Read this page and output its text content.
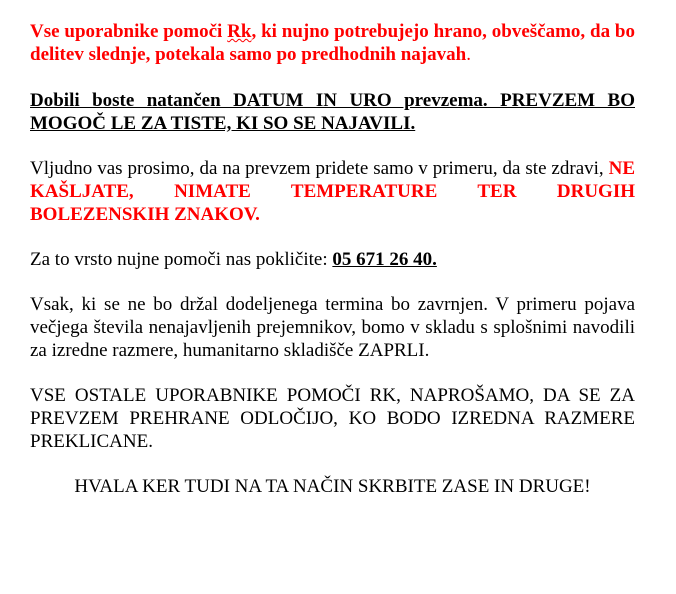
Vse uporabnike pomoči Rk, ki nujno potrebujejo hrano, obveščamo, da bo delitev slednje, potekala samo po predhodnih najavah.

Dobili boste natančen DATUM IN URO prevzema. PREVZEM BO MOGOČ LE ZA TISTE, KI SO SE NAJAVILI.

Vljudno vas prosimo, da na prevzem pridete samo v primeru, da ste zdravi, NE KAŠLJATE, NIMATE TEMPERATURE TER DRUGIH BOLEZENSKIH ZNAKOV.

Za to vrsto nujne pomoči nas pokličite: 05 671 26 40.

Vsak, ki se ne bo držal dodeljenega termina bo zavrnjen. V primeru pojava večjega števila nenajavljenih prejemnikov, bomo v skladu s splošnimi navodili za izredne razmere, humanitarno skladišče ZAPRLI.

VSE OSTALE UPORABNIKE POMOČI RK, NAPROŠAMO, DA SE ZA PREVZEM PREHRANE ODLOČIJO, KO BODO IZREDNA RAZMERE PREKLICANE.

HVALA KER TUDI NA TA NAČIN SKRBITE ZASE IN DRUGE!
